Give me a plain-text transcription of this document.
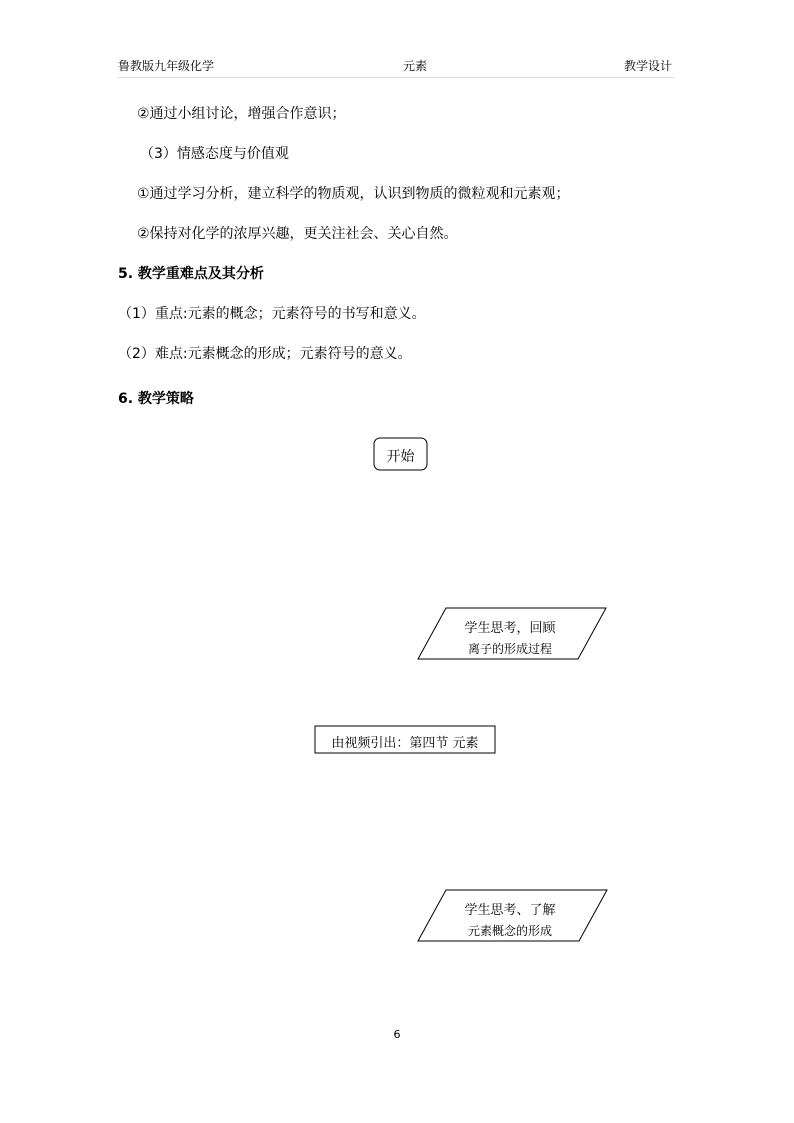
鲁教版九年级化学	元素	教学设计
②通过小组讨论，增强合作意识；
（3）情感态度与价值观
①通过学习分析，建立科学的物质观，认识到物质的微粒观和元素观；
②保持对化学的浓厚兴趣，更关注社会、关心自然。
5. 教学重难点及其分析
（1）重点:元素的概念；元素符号的书写和意义。
（2）难点:元素概念的形成；元素符号的意义。
6. 教学策略
开始
学生思考，回顾
离子的形成过程
由视频引出：第四节 元素
学生思考、了解
元素概念的形成
6
